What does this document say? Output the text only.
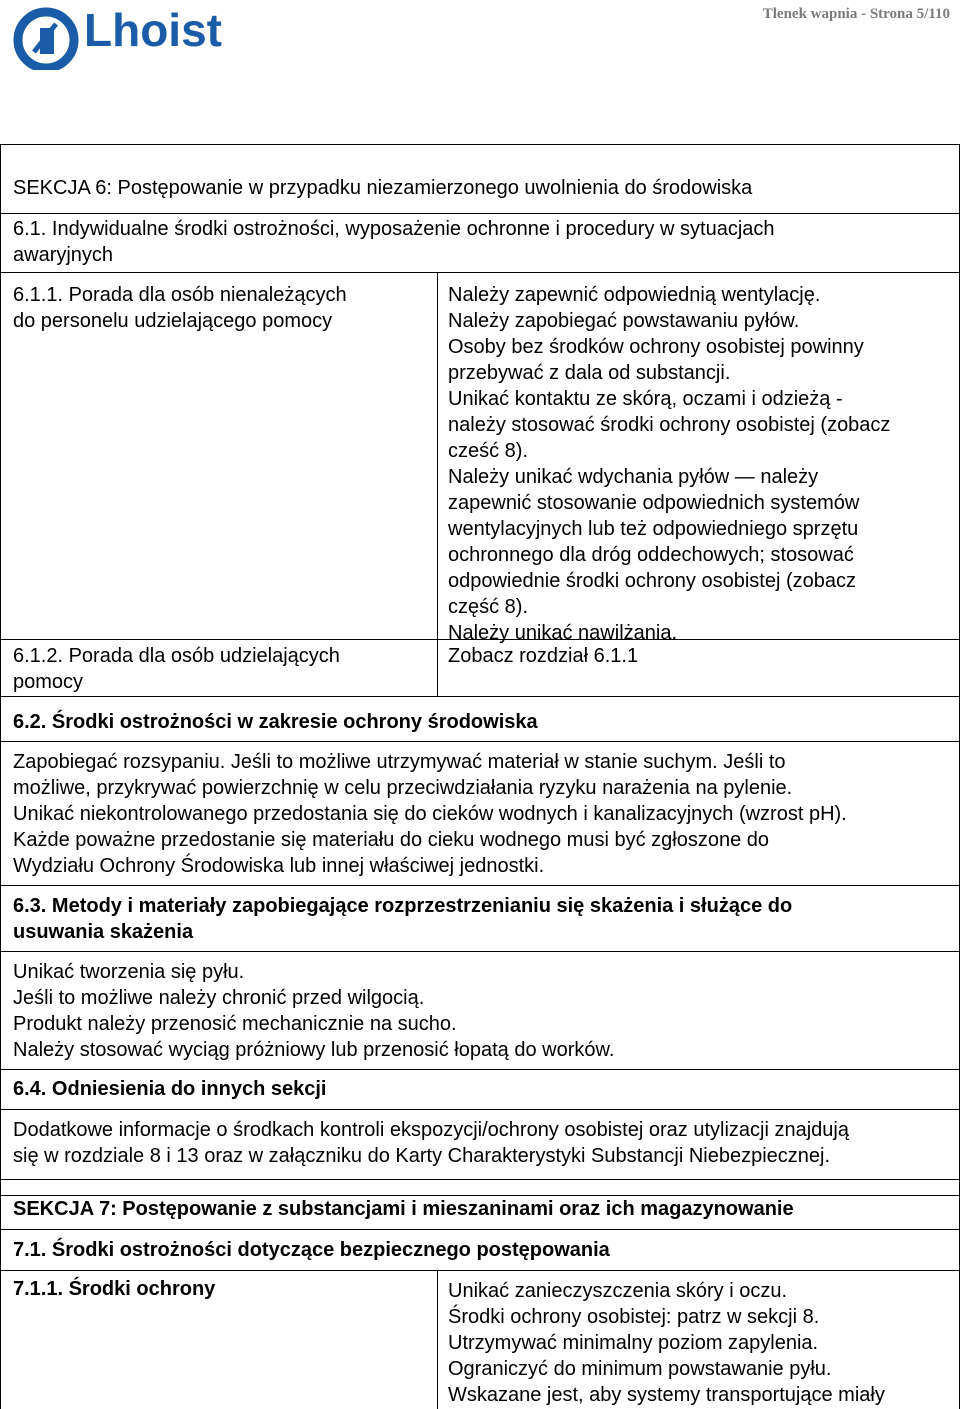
Lhoist	Tlenek wapnia - Strona 5/110
SEKCJA 6: Postępowanie w przypadku niezamierzonego uwolnienia do środowiska
6.1. Indywidualne środki ostrożności, wyposażenie ochronne i procedury w sytuacjach
awaryjnych
6.1.1. Porada dla osób nienależących
do personelu udzielającego pomocy
Należy zapewnić odpowiednią wentylację.
Należy zapobiegać powstawaniu pyłów.
Osoby bez środków ochrony osobistej powinny
przebywać z dala od substancji.
Unikać kontaktu ze skórą, oczami i odzieżą -
należy stosować środki ochrony osobistej (zobacz
cześć 8).
Należy unikać wdychania pyłów — należy
zapewnić stosowanie odpowiednich systemów
wentylacyjnych lub też odpowiedniego sprzętu
ochronnego dla dróg oddechowych; stosować
odpowiednie środki ochrony osobistej (zobacz
część 8).
Należy unikać nawilżania.
6.1.2. Porada dla osób udzielających
pomocy
Zobacz rozdział 6.1.1
6.2. Środki ostrożności w zakresie ochrony środowiska
Zapobiegać rozsypaniu. Jeśli to możliwe utrzymywać materiał w stanie suchym. Jeśli to
możliwe, przykrywać powierzchnię w celu przeciwdziałania ryzyku narażenia na pylenie.
Unikać niekontrolowanego przedostania się do cieków wodnych i kanalizacyjnych (wzrost pH).
Każde poważne przedostanie się materiału do cieku wodnego musi być zgłoszone do
Wydziału Ochrony Środowiska lub innej właściwej jednostki.
6.3. Metody i materiały zapobiegające rozprzestrzenianiu się skażenia i służące do
usuwania skażenia
Unikać tworzenia się pyłu.
Jeśli to możliwe należy chronić przed wilgocią.
Produkt należy przenosić mechanicznie na sucho.
Należy stosować wyciąg próżniowy lub przenosić łopatą do worków.
6.4. Odniesienia do innych sekcji
Dodatkowe informacje o środkach kontroli ekspozycji/ochrony osobistej oraz utylizacji znajdują
się w rozdziale 8 i 13 oraz w załączniku do Karty Charakterystyki Substancji Niebezpiecznej.
SEKCJA 7: Postępowanie z substancjami i mieszaninami oraz ich magazynowanie
7.1. Środki ostrożności dotyczące bezpiecznego postępowania
7.1.1. Środki ochrony	Unikać zanieczyszczenia skóry i oczu.
Środki ochrony osobistej: patrz w sekcji 8.
Utrzymywać minimalny poziom zapylenia.
Ograniczyć do minimum powstawanie pyłu.
Wskazane jest, aby systemy transportujące miały
